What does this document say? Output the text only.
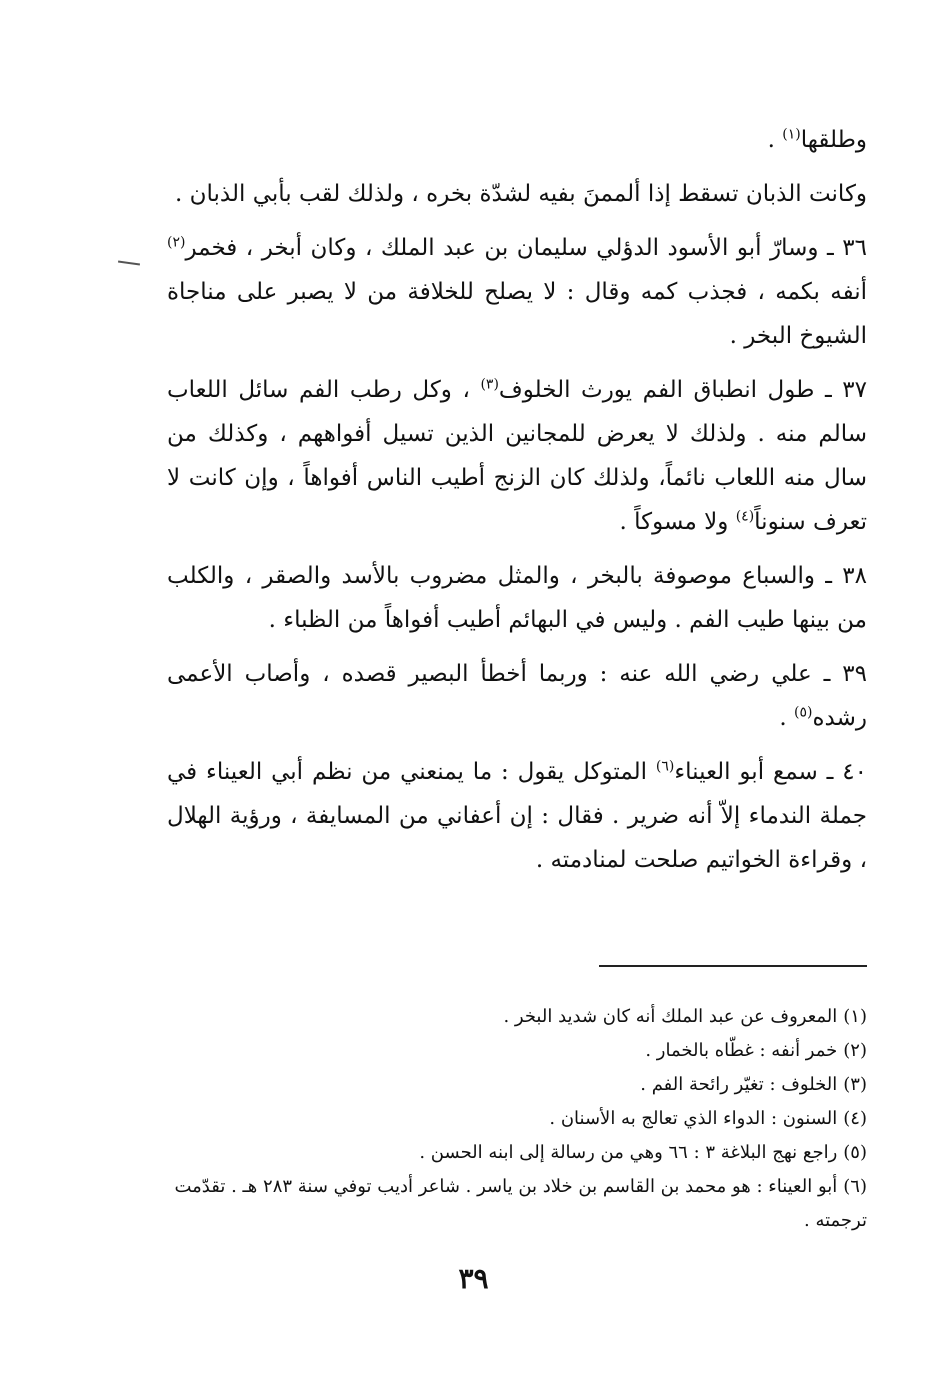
وطلقها$^{(١)}$ .

وكانت الذبان تسقط إذا ألممنَ بفيه لشدّة بخره ، ولذلك لقب بأبي الذبان .

٣٦ ـ وسارّ أبو الأسود الدؤلي سليمان بن عبد الملك ، وكان أبخر ، فخمر$^{(٢)}$ أنفه بكمه ، فجذب كمه وقال : لا يصلح للخلافة من لا يصبر على مناجاة الشيوخ البخر .

٣٧ ـ طول انطباق الفم يورث الخلوف$^{(٣)}$ ، وكل رطب الفم سائل اللعاب سالم منه . ولذلك لا يعرض للمجانين الذين تسيل أفواههم ، وكذلك من سال منه اللعاب نائماً، ولذلك كان الزنج أطيب الناس أفواهاً ، وإن كانت لا تعرف سنوناً$^{(٤)}$ ولا مسوكاً .

٣٨ ـ والسباع موصوفة بالبخر ، والمثل مضروب بالأسد والصقر ، والكلب من بينها طيب الفم . وليس في البهائم أطيب أفواهاً من الظباء .

٣٩ ـ علي رضي الله عنه : وربما أخطأ البصير قصده ، وأصاب الأعمى رشده$^{(٥)}$ .

٤٠ ـ سمع أبو العيناء$^{(٦)}$ المتوكل يقول : ما يمنعني من نظم أبي العيناء في جملة الندماء إلاّ أنه ضرير . فقال : إن أعفاني من المسايفة ، ورؤية الهلال ، وقراءة الخواتيم صلحت لمنادمته .

(١)المعروف عن عبد الملك أنه كان شديد البخر .

(٢)خمر أنفه : غطّاه بالخمار .

(٣)الخلوف : تغيّر رائحة الفم .

(٤)السنون : الدواء الذي تعالج به الأسنان .

(٥)راجع نهج البلاغة ٣ : ٦٦ وهي من رسالة إلى ابنه الحسن .

(٦)أبو العيناء : هو محمد بن القاسم بن خلاد بن ياسر . شاعر أديب توفي سنة ٢٨٣ هـ . تقدّمت ترجمته .

٣٩
